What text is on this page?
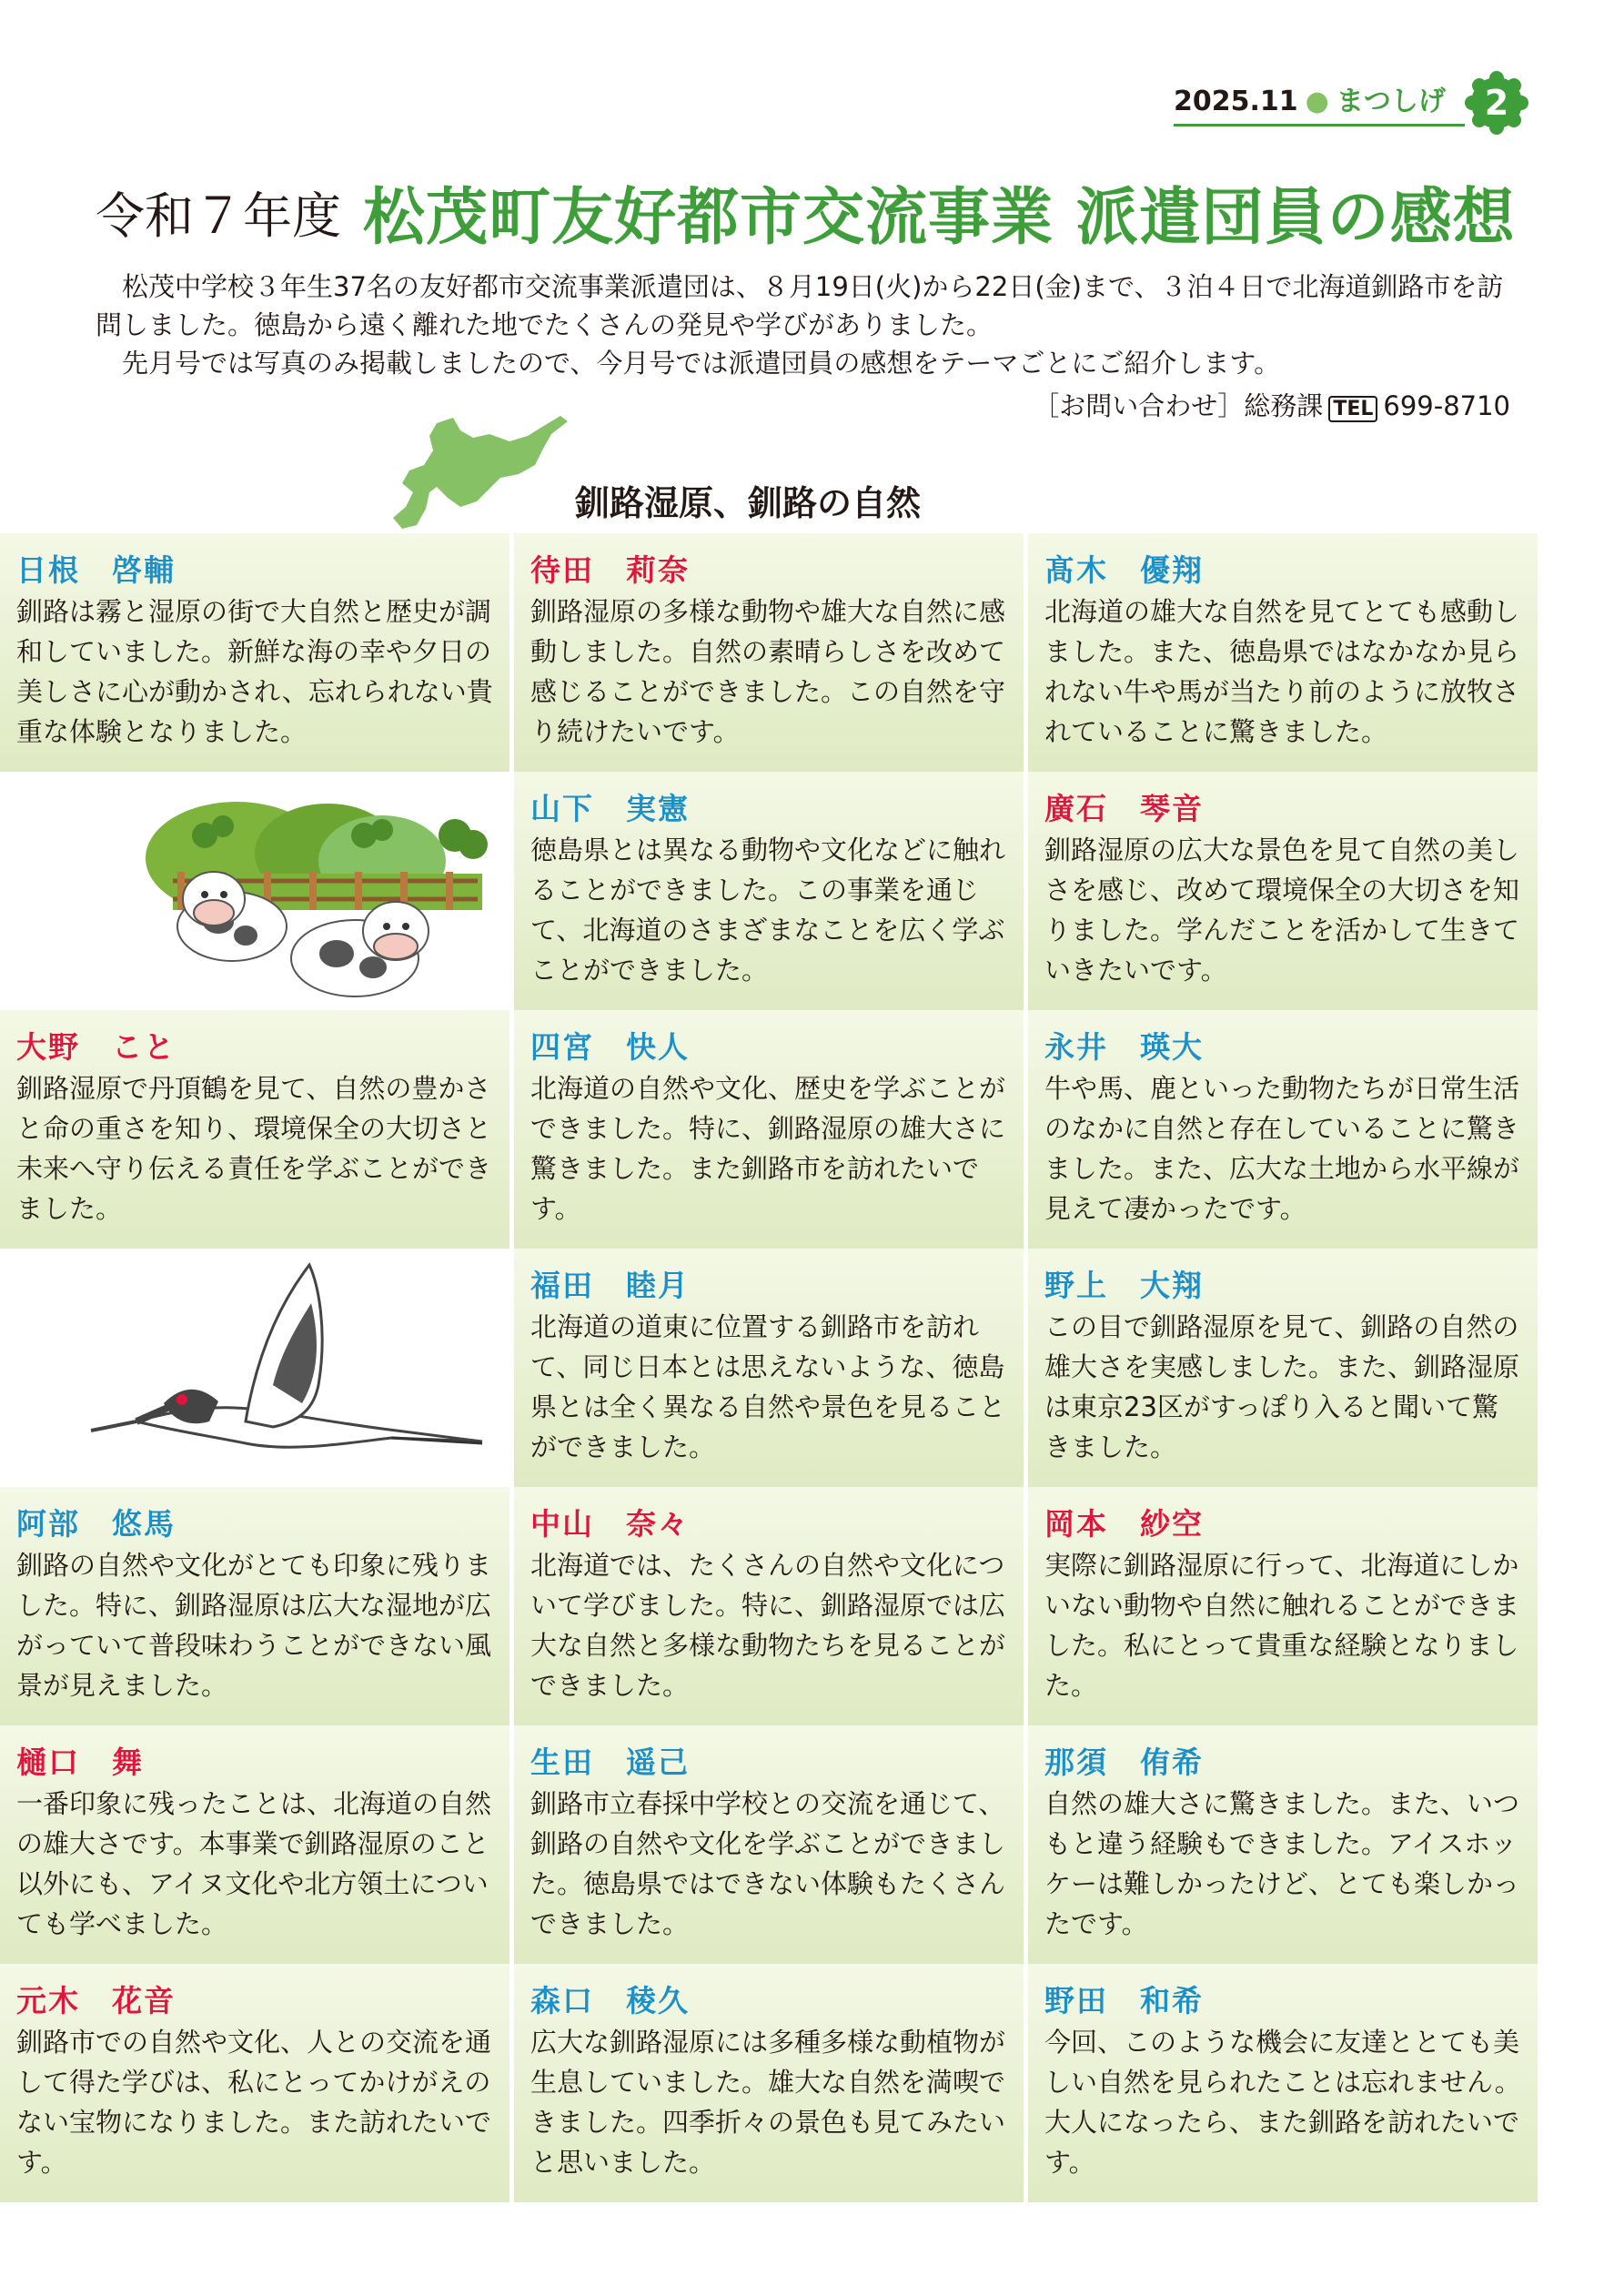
2025.11 ● まつしげ	2
令和７年度 松茂町友好都市交流事業 派遣団員の感想

松茂中学校３年生37名の友好都市交流事業派遣団は、８月19日(火)から22日(金)まで、３泊４日で北海道釧路市を訪問しました。徳島から遠く離れた地でたくさんの発見や学びがありました。

先月号では写真のみ掲載しましたので、今月号では派遣団員の感想をテーマごとにご紹介します。

［お問い合わせ］総務課 TEL 699-8710
釧路湿原、釧路の自然
日根　啓輔
釧路は霧と湿原の街で大自然と歴史が調和していました。新鮮な海の幸や夕日の美しさに心が動かされ、忘れられない貴重な体験となりました。
待田　莉奈
釧路湿原の多様な動物や雄大な自然に感動しました。自然の素晴らしさを改めて感じることができました。この自然を守り続けたいです。
髙木　優翔
北海道の雄大な自然を見てとても感動しました。また、徳島県ではなかなか見られない牛や馬が当たり前のように放牧されていることに驚きました。
山下　実憲
徳島県とは異なる動物や文化などに触れることができました。この事業を通じて、北海道のさまざまなことを広く学ぶことができました。
廣石　琴音
釧路湿原の広大な景色を見て自然の美しさを感じ、改めて環境保全の大切さを知りました。学んだことを活かして生きていきたいです。
大野　こと
釧路湿原で丹頂鶴を見て、自然の豊かさと命の重さを知り、環境保全の大切さと未来へ守り伝える責任を学ぶことができました。
四宮　快人
北海道の自然や文化、歴史を学ぶことができました。特に、釧路湿原の雄大さに驚きました。また釧路市を訪れたいです。
永井　瑛大
牛や馬、鹿といった動物たちが日常生活のなかに自然と存在していることに驚きました。また、広大な土地から水平線が見えて凄かったです。
福田　睦月
北海道の道東に位置する釧路市を訪れて、同じ日本とは思えないような、徳島県とは全く異なる自然や景色を見ることができました。
野上　大翔
この目で釧路湿原を見て、釧路の自然の雄大さを実感しました。また、釧路湿原は東京23区がすっぽり入ると聞いて驚きました。
阿部　悠馬
釧路の自然や文化がとても印象に残りました。特に、釧路湿原は広大な湿地が広がっていて普段味わうことができない風景が見えました。
中山　奈々
北海道では、たくさんの自然や文化について学びました。特に、釧路湿原では広大な自然と多様な動物たちを見ることができました。
岡本　紗空
実際に釧路湿原に行って、北海道にしかいない動物や自然に触れることができました。私にとって貴重な経験となりました。
樋口　舞
一番印象に残ったことは、北海道の自然の雄大さです。本事業で釧路湿原のこと以外にも、アイヌ文化や北方領土についても学べました。
生田　遥己
釧路市立春採中学校との交流を通じて、釧路の自然や文化を学ぶことができました。徳島県ではできない体験もたくさんできました。
那須　侑希
自然の雄大さに驚きました。また、いつもと違う経験もできました。アイスホッケーは難しかったけど、とても楽しかったです。
元木　花音
釧路市での自然や文化、人との交流を通して得た学びは、私にとってかけがえのない宝物になりました。また訪れたいです。
森口　稜久
広大な釧路湿原には多種多様な動植物が生息していました。雄大な自然を満喫できました。四季折々の景色も見てみたいと思いました。
野田　和希
今回、このような機会に友達ととても美しい自然を見られたことは忘れません。大人になったら、また釧路を訪れたいです。
